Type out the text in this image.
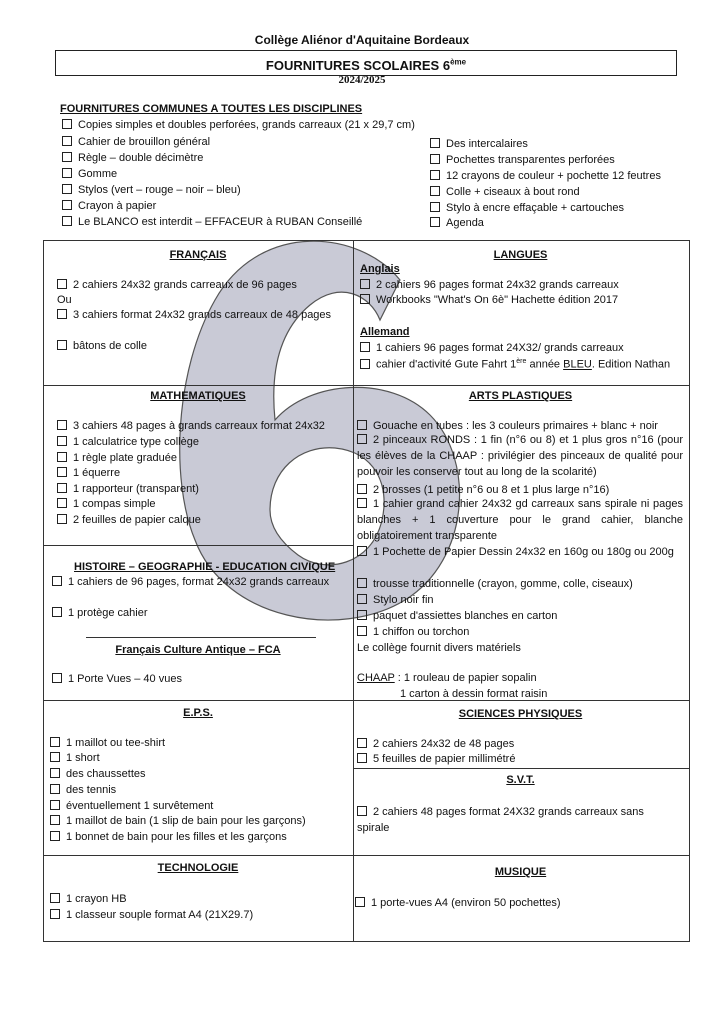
Collège Aliénor d'Aquitaine Bordeaux
FOURNITURES SCOLAIRES 6ème
2024/2025
FOURNITURES COMMUNES A TOUTES LES DISCIPLINES
Copies simples et doubles perforées, grands carreaux (21 x 29,7 cm)
Cahier de brouillon général
Règle – double décimètre
Gomme
Stylos (vert – rouge – noir – bleu)
Crayon à papier
Le BLANCO est interdit – EFFACEUR à RUBAN Conseillé
Des intercalaires
Pochettes transparentes perforées
12 crayons de couleur + pochette 12 feutres
Colle + ciseaux à bout rond
Stylo à encre effaçable + cartouches
Agenda
FRANÇAIS
2 cahiers 24x32 grands carreaux de 96 pages
Ou
3 cahiers format 24x32 grands carreaux de 48 pages
bâtons de colle
LANGUES
Anglais
2 cahiers 96 pages format 24x32 grands carreaux
Workbooks "What's On 6è" Hachette édition 2017
Allemand
1 cahiers 96 pages format 24X32/ grands carreaux
cahier d'activité Gute Fahrt 1ère année BLEU. Edition Nathan
MATHEMATIQUES
3 cahiers 48 pages à grands carreaux format 24x32
1 calculatrice type collège
1 règle plate graduée
1 équerre
1 rapporteur (transparent)
1 compas simple
2 feuilles de papier calque
ARTS PLASTIQUES
Gouache en tubes : les 3 couleurs primaires + blanc + noir
2 pinceaux RONDS : 1 fin (n°6 ou 8) et 1 plus gros n°16 (pour les élèves de la CHAAP : privilégier des pinceaux de qualité pour pouvoir les conserver tout au long de la scolarité)
2 brosses (1 petite n°6 ou 8 et 1 plus large n°16)
1 cahier grand cahier 24x32 gd carreaux sans spirale ni pages blanches + 1 couverture pour le grand cahier, blanche obligatoirement transparente
1 Pochette de Papier Dessin 24x32 en 160g ou 180g ou 200g
trousse traditionnelle (crayon, gomme, colle, ciseaux)
Stylo noir fin
paquet d'assiettes blanches en carton
1 chiffon ou torchon
Le collège fournit divers matériels
CHAAP : 1 rouleau de papier sopalin
1 carton à dessin format raisin
HISTOIRE – GEOGRAPHIE - EDUCATION CIVIQUE
1 cahiers de 96 pages, format 24x32 grands carreaux
1 protège cahier
Français Culture Antique – FCA
1 Porte Vues – 40 vues
E.P.S.
1 maillot ou tee-shirt
1 short
des chaussettes
des tennis
éventuellement 1 survêtement
1 maillot de bain (1 slip de bain pour les garçons)
1 bonnet de bain pour les filles et les garçons
SCIENCES PHYSIQUES
2 cahiers 24x32 de 48 pages
5 feuilles de papier millimétré
S.V.T.
2 cahiers 48 pages format 24X32 grands carreaux sans spirale
TECHNOLOGIE
1 crayon HB
1 classeur souple format A4 (21X29.7)
MUSIQUE
1 porte-vues A4 (environ 50 pochettes)
